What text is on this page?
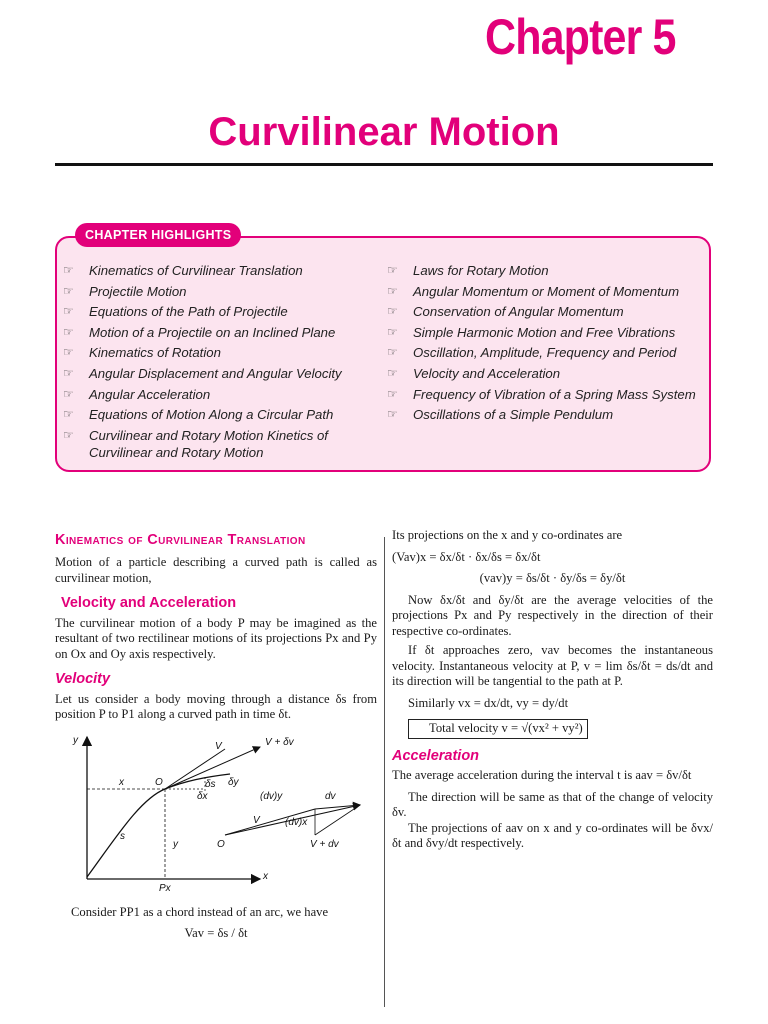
Chapter 5
Curvilinear Motion
CHAPTER HIGHLIGHTS
☞ Kinematics of Curvilinear Translation
☞ Projectile Motion
☞ Equations of the Path of Projectile
☞ Motion of a Projectile on an Inclined Plane
☞ Kinematics of Rotation
☞ Angular Displacement and Angular Velocity
☞ Angular Acceleration
☞ Equations of Motion Along a Circular Path
☞ Curvilinear and Rotary Motion Kinetics of Curvilinear and Rotary Motion
☞ Laws for Rotary Motion
☞ Angular Momentum or Moment of Momentum
☞ Conservation of Angular Momentum
☞ Simple Harmonic Motion and Free Vibrations
☞ Oscillation, Amplitude, Frequency and Period
☞ Velocity and Acceleration
☞ Frequency of Vibration of a Spring Mass System
☞ Oscillations of a Simple Pendulum
Kinematics of Curvilinear Translation

Motion of a particle describing a curved path is called as curvilinear motion,

Velocity and Acceleration

The curvilinear motion of a body P may be imagined as the resultant of two rectilinear motions of its projections Px and Py on Ox and Oy axis respectively.

Velocity

Let us consider a body moving through a distance δs from position P to P1 along a curved path in time δt.

y
x
O
O
V	V + δv
x	δs δy
δx
s
y
Px
(dv)y	dv
(dv)x
V
V + dv

Consider PP1 as a chord instead of an arc, we have

Vav = δs / δt

Its projections on the x and y co-ordinates are

(Vav)x = δx/δt · δx/δs = δx/δt
(vav)y = δs/δt · δy/δs = δy/δt

Now δx/δt and δy/δt are the average velocities of the projections Px and Py respectively in the direction of their respective co-ordinates.

If δt approaches zero, vav becomes the instantaneous velocity. Instantaneous velocity at P, v = lim δs/δt = ds/dt and its direction will be tangential to the path at P.

Similarly vx = dx/dt, vy = dy/dt

Total velocity v = √(vx² + vy²)

Acceleration

The average acceleration during the interval t is aav = δv/δt

The direction will be same as that of the change of velocity δv.

The projections of aav on x and y co-ordinates will be δvx/δt and δvy/dt respectively.
